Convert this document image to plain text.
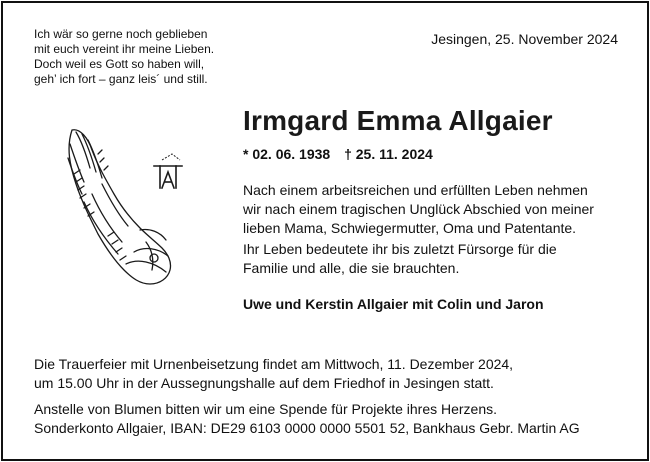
Ich wär so gerne noch geblieben
mit euch vereint ihr meine Lieben.
Doch weil es Gott so haben will,
geh’ ich fort – ganz leis´ und still.
Jesingen, 25. November 2024
Irmgard Emma Allgaier
* 02. 06. 1938 † 25. 11. 2024
Nach einem arbeitsreichen und erfüllten Leben nehmen
wir nach einem tragischen Unglück Abschied von meiner
lieben Mama, Schwiegermutter, Oma und Patentante.
Ihr Leben bedeutete ihr bis zuletzt Fürsorge für die
Familie und alle, die sie brauchten.
Uwe und Kerstin Allgaier mit Colin und Jaron
Die Trauerfeier mit Urnenbeisetzung findet am Mittwoch, 11. Dezember 2024,
um 15.00 Uhr in der Aussegnungshalle auf dem Friedhof in Jesingen statt.
Anstelle von Blumen bitten wir um eine Spende für Projekte ihres Herzens.
Sonderkonto Allgaier, IBAN: DE29 6103 0000 0000 5501 52, Bankhaus Gebr. Martin AG
